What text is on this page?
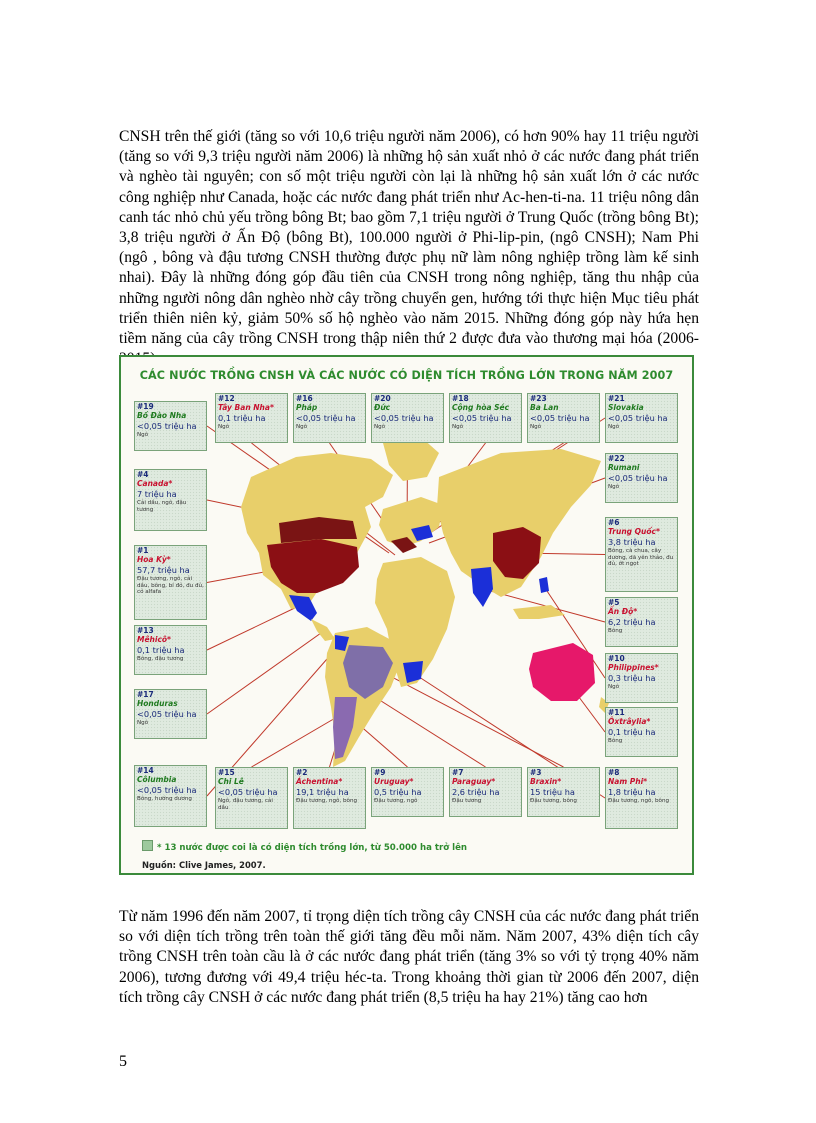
CNSH trên thế giới (tăng so với 10,6 triệu người năm 2006), có hơn 90% hay 11 triệu người (tăng so với 9,3 triệu người năm 2006) là những hộ sản xuất nhỏ ở các nước đang phát triển và nghèo tài nguyên; con số một triệu người còn lại là những hộ sản xuất lớn ở các nước công nghiệp như Canada, hoặc các nước đang phát triển như Ac-hen-ti-na. 11 triệu nông dân canh tác nhỏ chủ yếu trồng bông Bt; bao gồm 7,1 triệu người ở Trung Quốc (trồng bông Bt); 3,8 triệu người ở Ấn Độ (bông Bt), 100.000 người ở Phi-lip-pin, (ngô CNSH); Nam Phi (ngô , bông và đậu tương CNSH thường được phụ nữ làm nông nghiệp trồng làm kế sinh nhai). Đây là những đóng góp đầu tiên của CNSH trong nông nghiệp, tăng thu nhập của những người nông dân nghèo nhờ cây trồng chuyển gen, hướng tới thực hiện Mục tiêu phát triển thiên niên kỷ, giảm 50% số hộ nghèo vào năm 2015. Những đóng góp này hứa hẹn tiềm năng của cây trồng CNSH trong thập niên thứ 2 được đưa vào thương mại hóa (2006-

CÁC NƯỚC TRỒNG CNSH VÀ CÁC NƯỚC CÓ DIỆN TÍCH TRỒNG LỚN TRONG NĂM 2007
#19
Bồ Đào Nha
<0,05 triệu ha
Ngô
#12
Tây Ban Nha*
0,1 triệu ha
Ngô
#16
Pháp
<0,05 triệu ha
Ngô
#20
Đức
<0,05 triệu ha
Ngô
#18
Cộng hòa Séc
<0,05 triệu ha
Ngô
#23
Ba Lan
<0,05 triệu ha
Ngô
#21
Slovakia
<0,05 triệu ha
Ngô
#22
Rumani
<0,05 triệu ha
Ngô
#4
Canada*
7 triệu ha
Cải dầu, ngô, đậu tương
#6
Trung Quốc*
3,8 triệu ha
Bông, cà chua, cây dương, dã yên thảo, đu đủ, ớt ngọt
#1
Hoa Kỳ*
57,7 triệu ha
Đậu tương, ngô, cải dầu, bông, bí đỏ, đu đủ, cỏ alfafa
#5
Ấn Độ*
6,2 triệu ha
Bông
#13
Mêhicô*
0,1 triệu ha
Bông, đậu tương	#10
Philippines*
0,3 triệu ha
Ngô
#17
Honduras
<0,05 triệu ha
Ngô
#11
Ôxtrâylia*
0,1 triệu ha
Bông
#14
Côlumbia
<0,05 triệu ha
Bông, hướng dương
#15
Chi Lê
<0,05 triệu ha
Ngô, đậu tương, cải dầu
#2
Áchentina*
19,1 triệu ha
Đậu tương, ngô, bông
#9
Uruguay*
0,5 triệu ha
Đậu tương, ngô
#7
Paraguay*
2,6 triệu ha
Đậu tương
#3
Braxin*
15 triệu ha
Đậu tương, bông
#8
Nam Phi*
1,8 triệu ha
Đậu tương, ngô, bông
* 13 nước được coi là có diện tích trồng lớn, từ 50.000 ha trở lên
Nguồn: Clive James, 2007.

Từ năm 1996 đến năm 2007, tỉ trọng diện tích trồng cây CNSH của các nước đang phát triển so với diện tích trồng trên toàn thế giới tăng đều mỗi năm. Năm 2007, 43% diện tích cây trồng CNSH trên toàn cầu là ở các nước đang phát triển (tăng 3% so với tỷ trọng 40% năm 2006), tương đương với 49,4 triệu héc-ta. Trong khoảng thời gian từ 2006 đến 2007, diện tích trồng cây CNSH ở các nước đang phát triển (8,5 triệu ha hay 21%) tăng cao hơn

5
